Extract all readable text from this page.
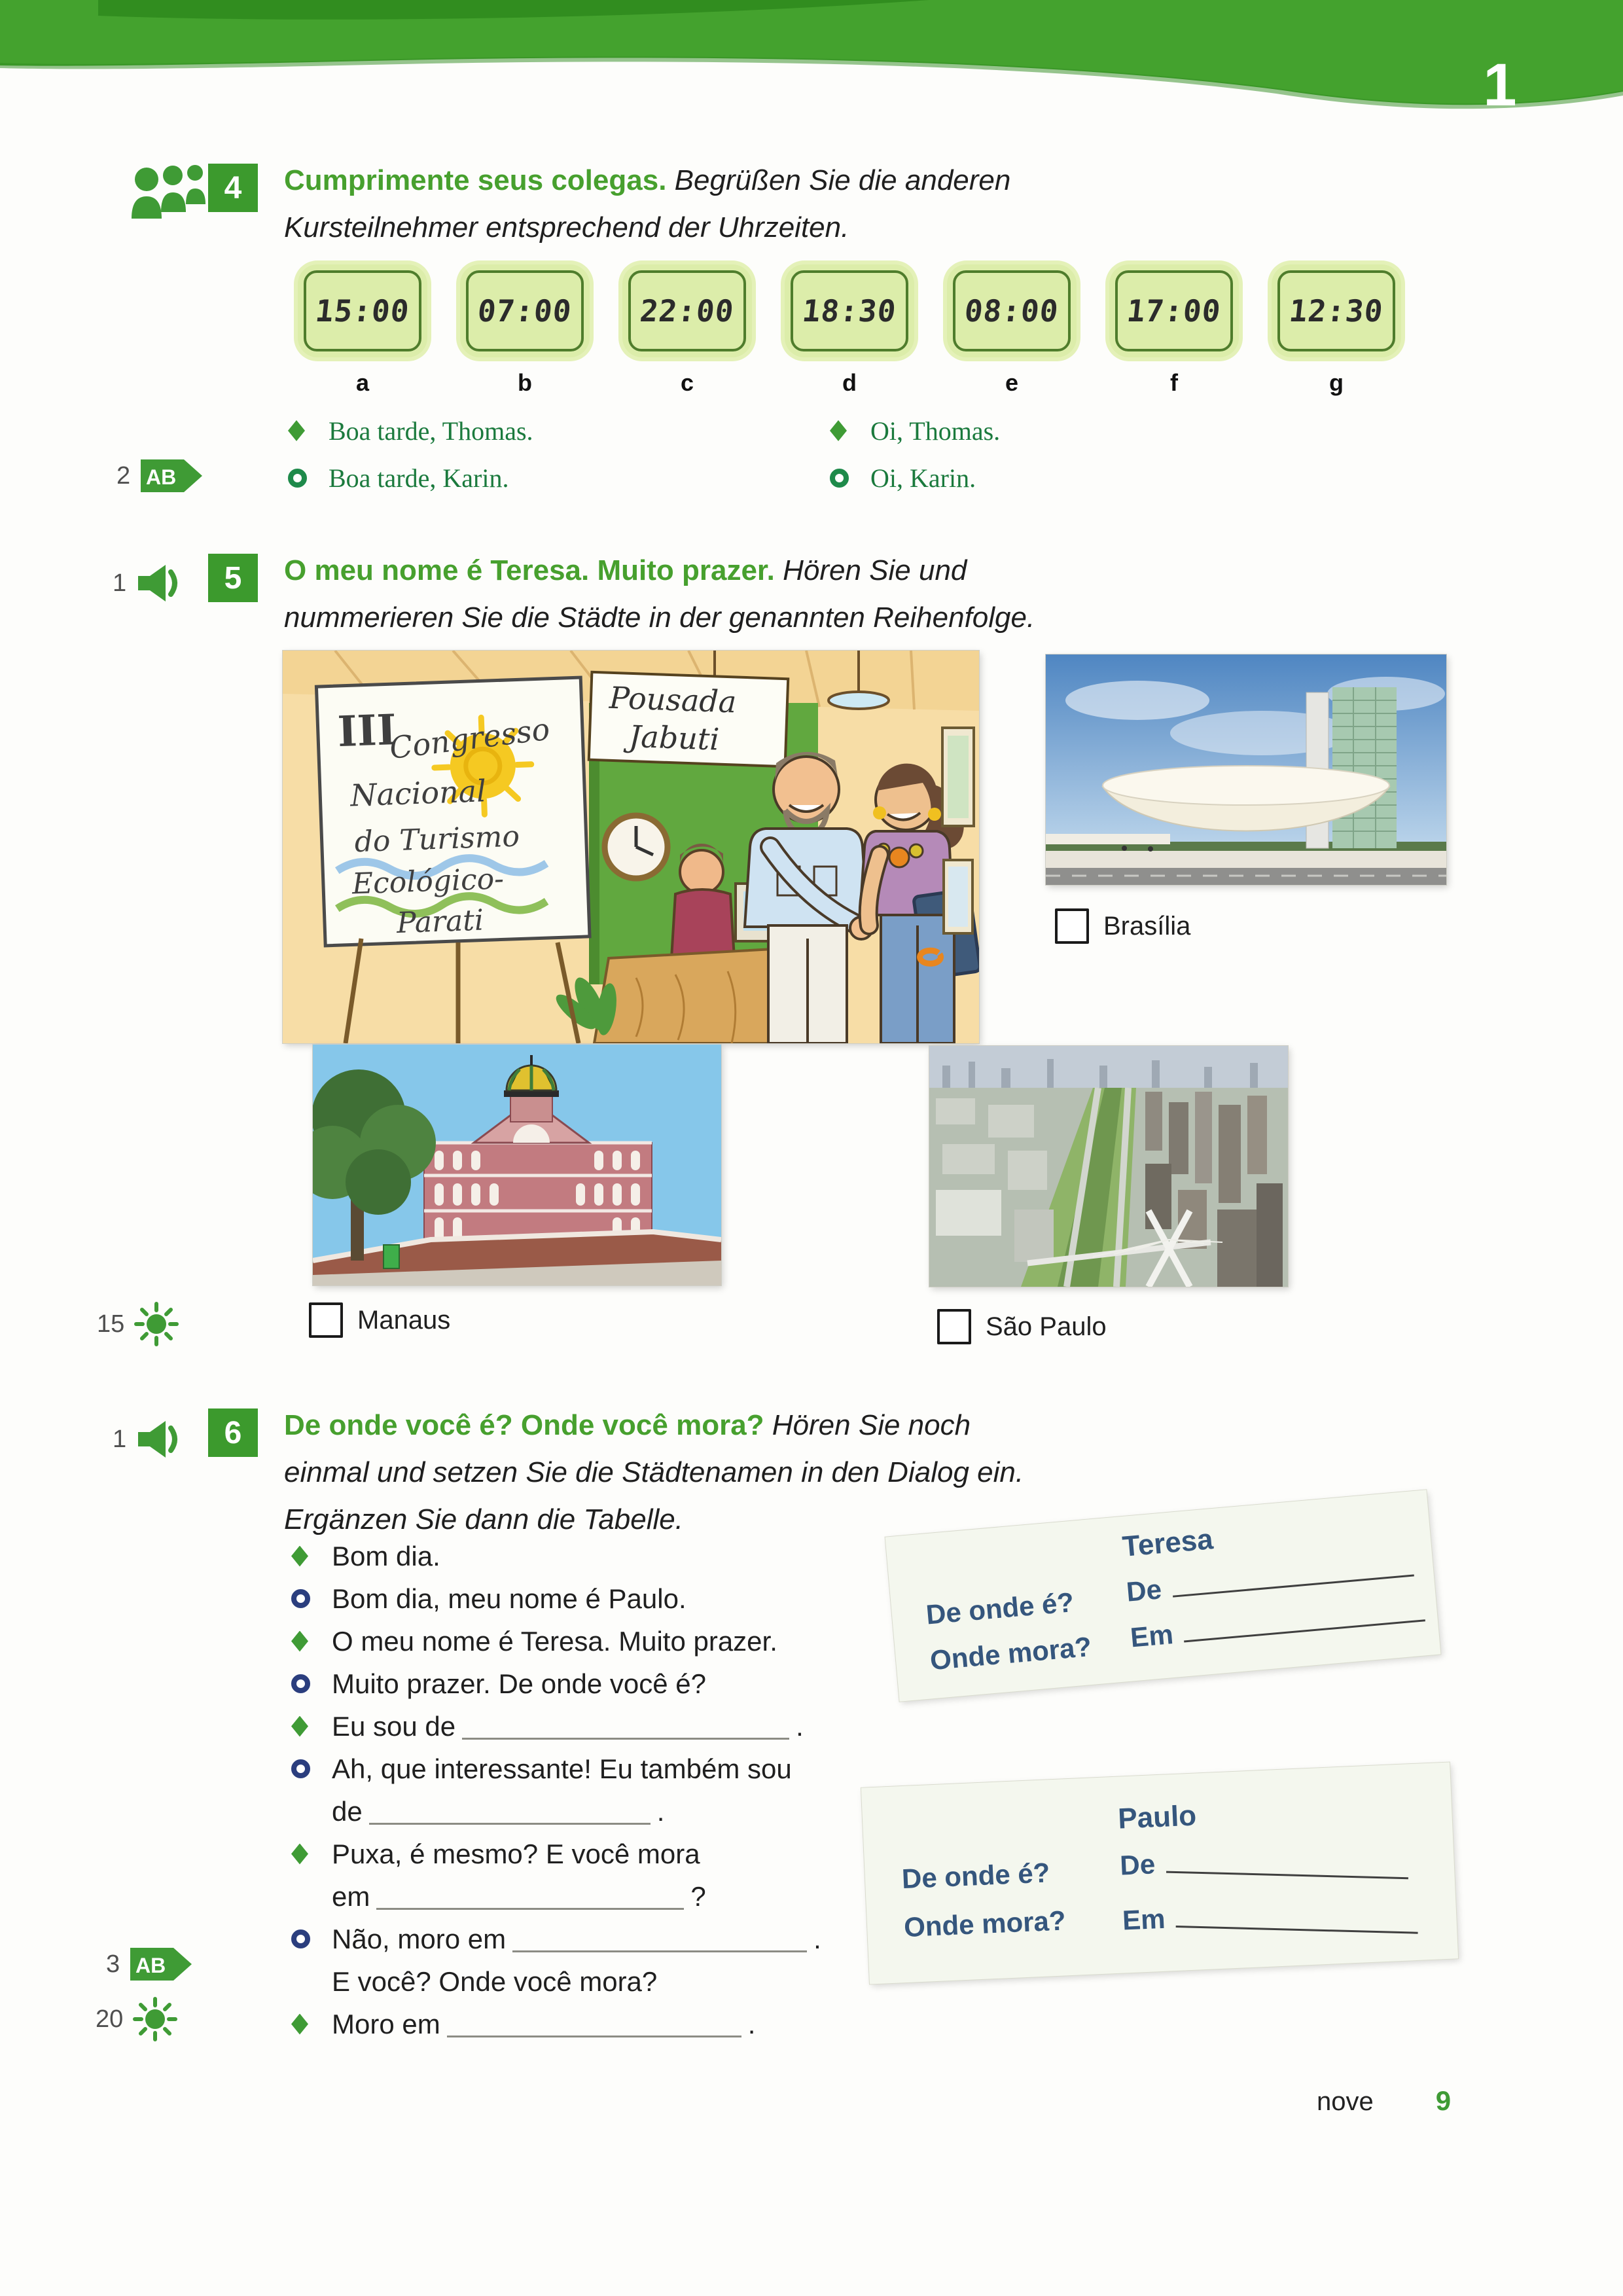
1
4 Cumprimente seus colegas. Begrüßen Sie die anderen
Kursteilnehmer entsprechend der Uhrzeiten.
15:00
a
07:00
b
22:00
c
18:30
d
08:00
e
17:00
f
12:30
g
Boa tarde, Thomas.
Boa tarde, Karin.
Oi, Thomas.
Oi, Karin.
2 AB
1	5 O meu nome é Teresa. Muito prazer. Hören Sie und
nummerieren Sie die Städte in der genannten Reihenfolge.
Pousada
Jabuti
III
Congresso
Nacional
do Turismo
Ecológico-
Parati	Brasília
Manaus	São Paulo
15
1	6 De onde você é? Onde você mora? Hören Sie noch
einmal und setzen Sie die Städtenamen in den Dialog ein.
Ergänzen Sie dann die Tabelle.
Bom dia.
Bom dia, meu nome é Paulo.
O meu nome é Teresa. Muito prazer.
Muito prazer. De onde você é?
Eu sou de	.
Ah, que interessante! Eu também sou
de	.
Puxa, é mesmo? E você mora
em	?
Não, moro em	.
E você? Onde você mora?
Moro em	.
Teresa
De onde é? De
Onde mora? Em
3 AB
20
Paulo
De onde é?	De
Onde mora? Em
nove 9
